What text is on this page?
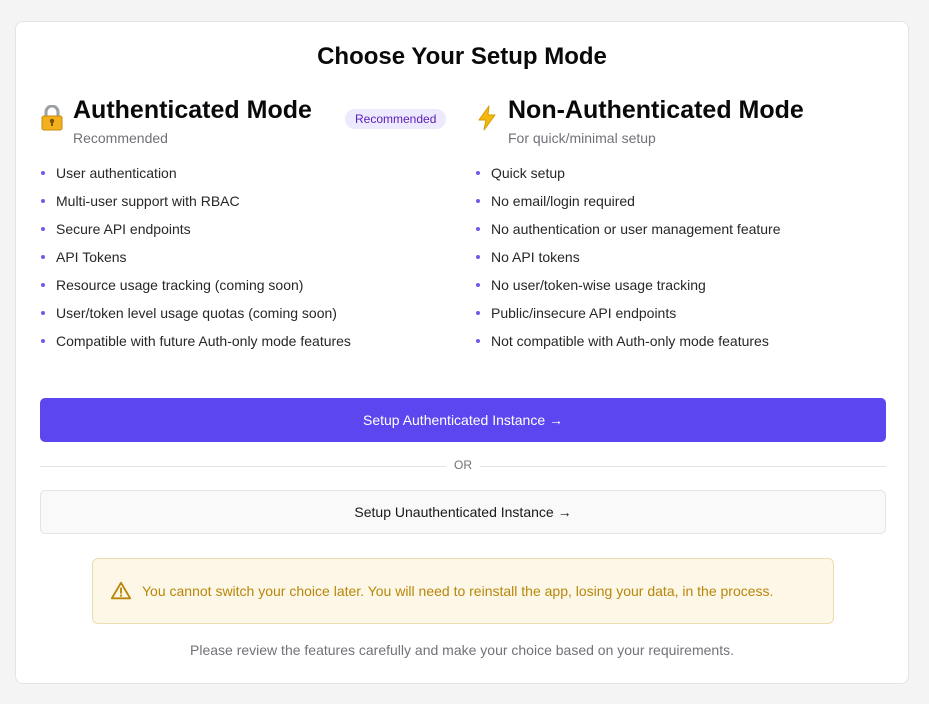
Choose Your Setup Mode
Authenticated Mode
Recommended
Recommended
User authentication
Multi-user support with RBAC
Secure API endpoints
API Tokens
Resource usage tracking (coming soon)
User/token level usage quotas (coming soon)
Compatible with future Auth-only mode features
Non-Authenticated Mode
For quick/minimal setup
Quick setup
No email/login required
No authentication or user management feature
No API tokens
No user/token-wise usage tracking
Public/insecure API endpoints
Not compatible with Auth-only mode features
Setup Authenticated Instance →
OR
Setup Unauthenticated Instance →
You cannot switch your choice later. You will need to reinstall the app, losing your data, in the process.
Please review the features carefully and make your choice based on your requirements.
